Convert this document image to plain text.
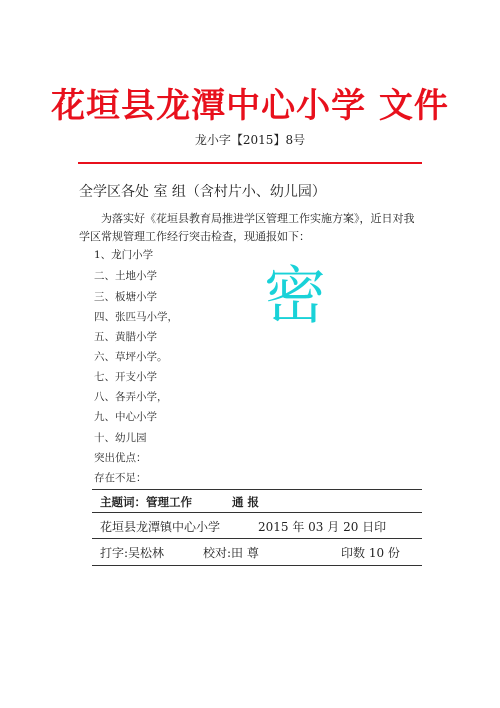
花垣县龙潭中心小学 文件
龙小字【2015】8号
全学区各处 室 组（含村片小、幼儿园）
为落实好《花垣县教育局推进学区管理工作实施方案》，近日对我学区常规管理工作经行突击检查，现通报如下：
1、龙门小学
二、土地小学
三、板塘小学
四、张匹马小学，
五、黄腊小学
六、草坪小学。
七、开支小学
八、各弄小学，
九、中心小学
十、幼儿园
突出优点：
存在不足：
密
主题词：管理工作	通 报
花垣县龙潭镇中心小学	2015 年 03 月 20 日印
打字:吴松林	校对:田 尊	印数 10 份
